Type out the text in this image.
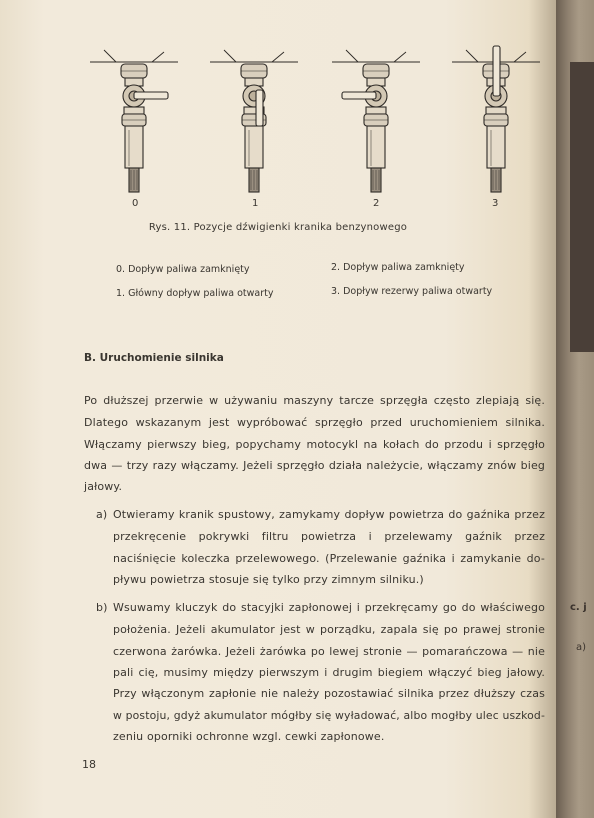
c. j
a)
0	1	2	3
Rys. 11. Pozycje dźwigienki kranika benzynowego
0. Dopływ paliwa zamknięty
1. Główny dopływ paliwa otwarty
2. Dopływ paliwa zamknięty
3. Dopływ rezerwy paliwa otwarty
B. Uruchomienie silnika
Po dłuższej przerwie w używaniu maszyny tarcze sprzęgła często zlepiają się.
Dlatego wskazanym jest wypróbować sprzęgło przed uruchomieniem silnika.
Włączamy pierwszy bieg, popychamy motocykl na kołach do przodu i sprzęgło
dwa — trzy razy włączamy. Jeżeli sprzęgło działa należycie, włączamy znów bieg
jałowy.
a) Otwieramy kranik spustowy, zamykamy dopływ powietrza do gaźnika przez
przekręcenie pokrywki filtru powietrza i przelewamy gaźnik przez
naciśnięcie koleczka przelewowego. (Przelewanie gaźnika i zamykanie do-
pływu powietrza stosuje się tylko przy zimnym silniku.)
b) Wsuwamy kluczyk do stacyjki zapłonowej i przekręcamy go do właściwego
położenia. Jeżeli akumulator jest w porządku, zapala się po prawej stronie
czerwona żarówka. Jeżeli żarówka po lewej stronie — pomarańczowa — nie
pali cię, musimy między pierwszym i drugim biegiem włączyć bieg jałowy.
Przy włączonym zapłonie nie należy pozostawiać silnika przez dłuższy czas
w postoju, gdyż akumulator mógłby się wyładować, albo mogłby ulec uszkod-
zeniu oporniki ochronne wzgl. cewki zapłonowe.
18
